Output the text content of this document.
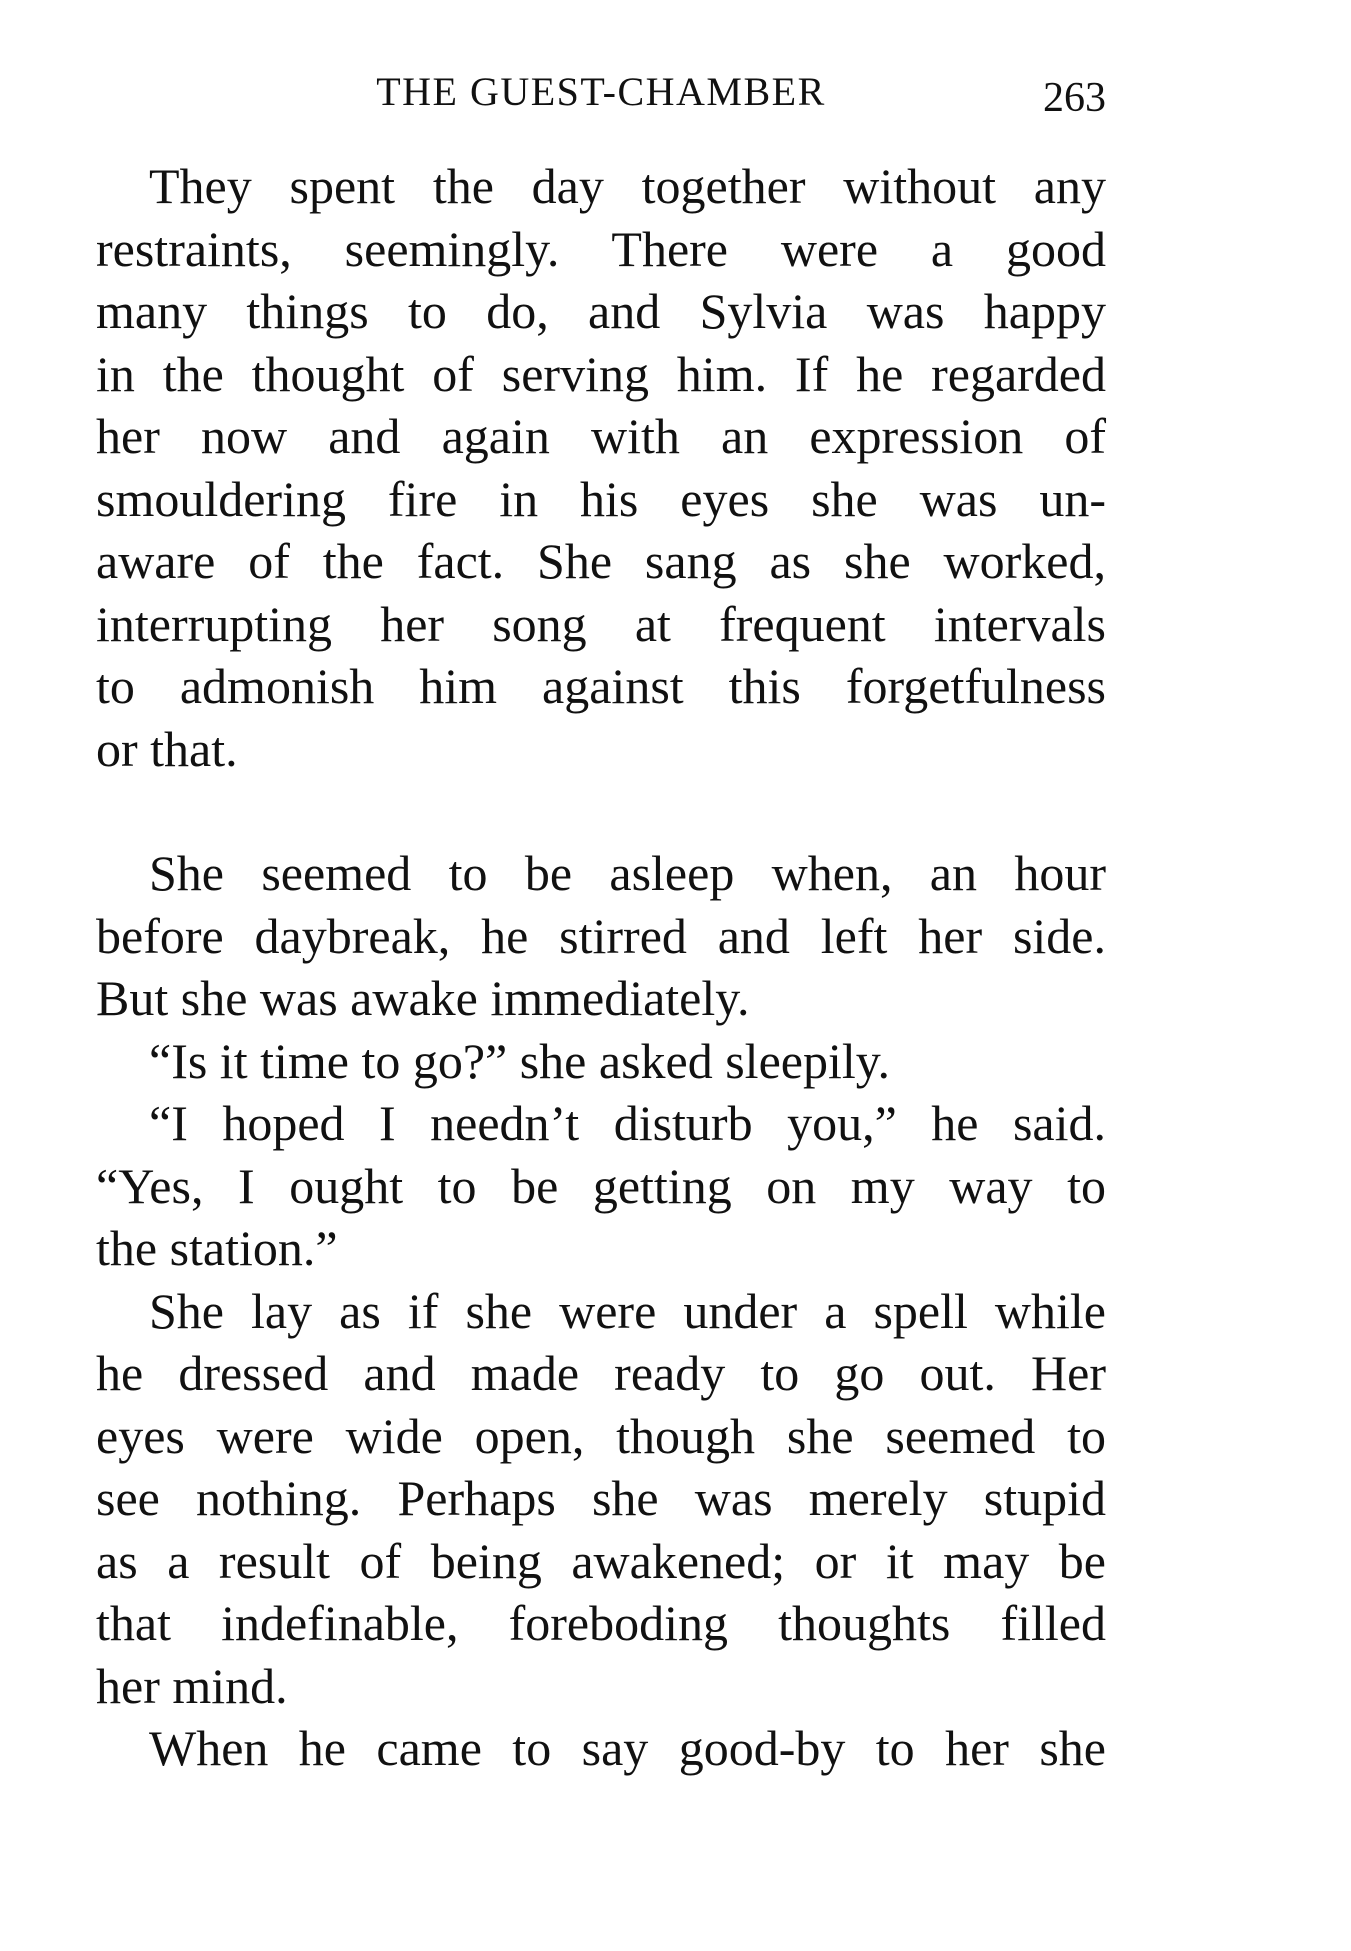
THE GUEST-CHAMBER	263
They spent the day together without any
restraints, seemingly. There were a good
many things to do, and Sylvia was happy
in the thought of serving him. If he regarded
her now and again with an expression of
smouldering fire in his eyes she was un-
aware of the fact. She sang as she worked,
interrupting her song at frequent intervals
to admonish him against this forgetfulness
or that.
She seemed to be asleep when, an hour
before daybreak, he stirred and left her side.
But she was awake immediately.
“Is it time to go?” she asked sleepily.
“I hoped I needn’t disturb you,” he said.
“Yes, I ought to be getting on my way to
the station.”
She lay as if she were under a spell while
he dressed and made ready to go out. Her
eyes were wide open, though she seemed to
see nothing. Perhaps she was merely stupid
as a result of being awakened; or it may be
that indefinable, foreboding thoughts filled
her mind.
When he came to say good-by to her she
